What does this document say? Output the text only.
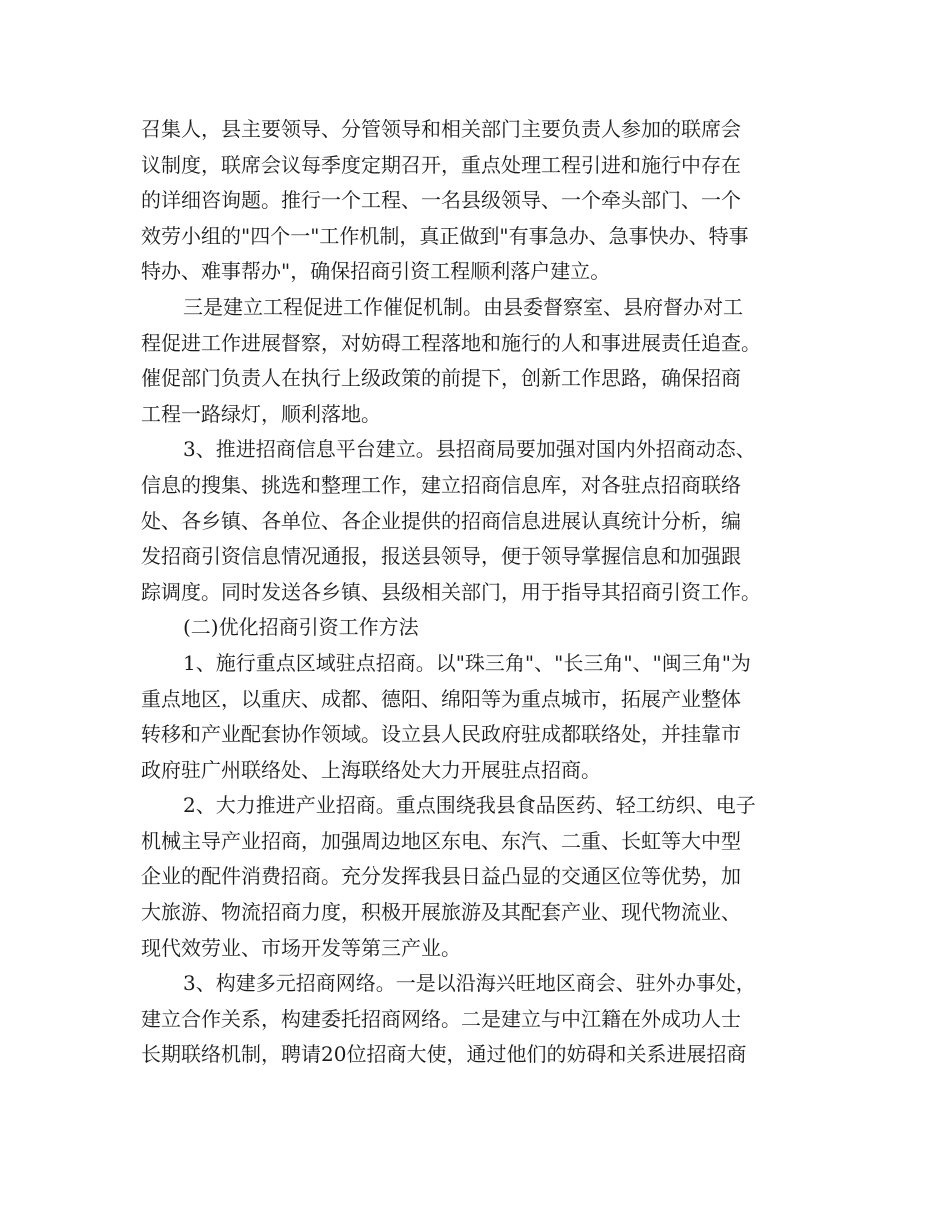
召集人，县主要领导、分管领导和相关部门主要负责人参加的联席会
议制度，联席会议每季度定期召开，重点处理工程引进和施行中存在
的详细咨询题。推行一个工程、一名县级领导、一个牵头部门、一个
效劳小组的"四个一"工作机制，真正做到"有事急办、急事快办、特事
特办、难事帮办"，确保招商引资工程顺利落户建立。
三是建立工程促进工作催促机制。由县委督察室、县府督办对工
程促进工作进展督察，对妨碍工程落地和施行的人和事进展责任追查。
催促部门负责人在执行上级政策的前提下，创新工作思路，确保招商
工程一路绿灯，顺利落地。
3、推进招商信息平台建立。县招商局要加强对国内外招商动态、
信息的搜集、挑选和整理工作，建立招商信息库，对各驻点招商联络
处、各乡镇、各单位、各企业提供的招商信息进展认真统计分析，编
发招商引资信息情况通报，报送县领导，便于领导掌握信息和加强跟
踪调度。同时发送各乡镇、县级相关部门，用于指导其招商引资工作。
(二)优化招商引资工作方法
1、施行重点区域驻点招商。以"珠三角"、"长三角"、"闽三角"为
重点地区，以重庆、成都、德阳、绵阳等为重点城市，拓展产业整体
转移和产业配套协作领域。设立县人民政府驻成都联络处，并挂靠市
政府驻广州联络处、上海联络处大力开展驻点招商。
2、大力推进产业招商。重点围绕我县食品医药、轻工纺织、电子
机械主导产业招商，加强周边地区东电、东汽、二重、长虹等大中型
企业的配件消费招商。充分发挥我县日益凸显的交通区位等优势，加
大旅游、物流招商力度，积极开展旅游及其配套产业、现代物流业、
现代效劳业、市场开发等第三产业。
3、构建多元招商网络。一是以沿海兴旺地区商会、驻外办事处，
建立合作关系，构建委托招商网络。二是建立与中江籍在外成功人士
长期联络机制，聘请20位招商大使，通过他们的妨碍和关系进展招商
